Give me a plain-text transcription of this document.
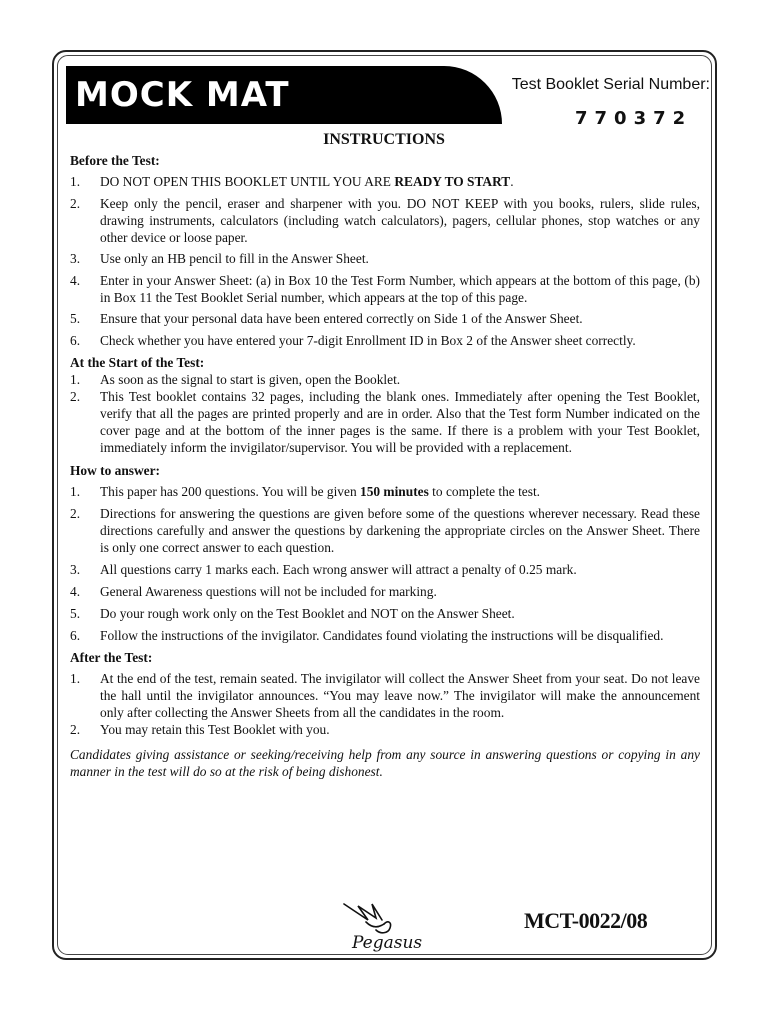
MOCK MAT	Test Booklet Serial Number:
770372
INSTRUCTIONS

Before the Test:

1.	DO NOT OPEN THIS BOOKLET UNTIL YOU ARE READY TO START.
2.	Keep only the pencil, eraser and sharpener with you. DO NOT KEEP with you books, rulers, slide rules, drawing instruments, calculators (including watch calculators), pagers, cellular phones, stop watches or any other device or loose paper.
3.	Use only an HB pencil to fill in the Answer Sheet.
4.	Enter in your Answer Sheet: (a) in Box 10 the Test Form Number, which appears at the bottom of this page, (b) in Box 11 the Test Booklet Serial number, which appears at the top of this page.
5.	Ensure that your personal data have been entered correctly on Side 1 of the Answer Sheet.
6.	Check whether you have entered your 7-digit Enrollment ID in Box 2 of the Answer sheet correctly.

At the Start of the Test:

1.	As soon as the signal to start is given, open the Booklet.
2.	This Test booklet contains 32 pages, including the blank ones. Immediately after opening the Test Booklet, verify that all the pages are printed properly and are in order. Also that the Test form Number indicated on the cover page and at the bottom of the inner pages is the same. If there is a problem with your Test Booklet, immediately inform the invigilator/supervisor. You will be provided with a replacement.

How to answer:

1.	This paper has 200 questions. You will be given 150 minutes to complete the test.
2.	Directions for answering the questions are given before some of the questions wherever necessary. Read these directions carefully and answer the questions by darkening the appropriate circles on the Answer Sheet. There is only one correct answer to each question.
3.	All questions carry 1 marks each. Each wrong answer will attract a penalty of 0.25 mark.
4.	General Awareness questions will not be included for marking.
5.	Do your rough work only on the Test Booklet and NOT on the Answer Sheet.
6.	Follow the instructions of the invigilator. Candidates found violating the instructions will be disqualified.

After the Test:

1.	At the end of the test, remain seated. The invigilator will collect the Answer Sheet from your seat. Do not leave the hall until the invigilator announces. “You may leave now.” The invigilator will make the announcement only after collecting the Answer Sheets from all the candidates in the room.
2.	You may retain this Test Booklet with you.

Candidates giving assistance or seeking/receiving help from any source in answering questions or copying in any manner in the test will do so at the risk of being dishonest.

Pegasus
MCT-0022/08
